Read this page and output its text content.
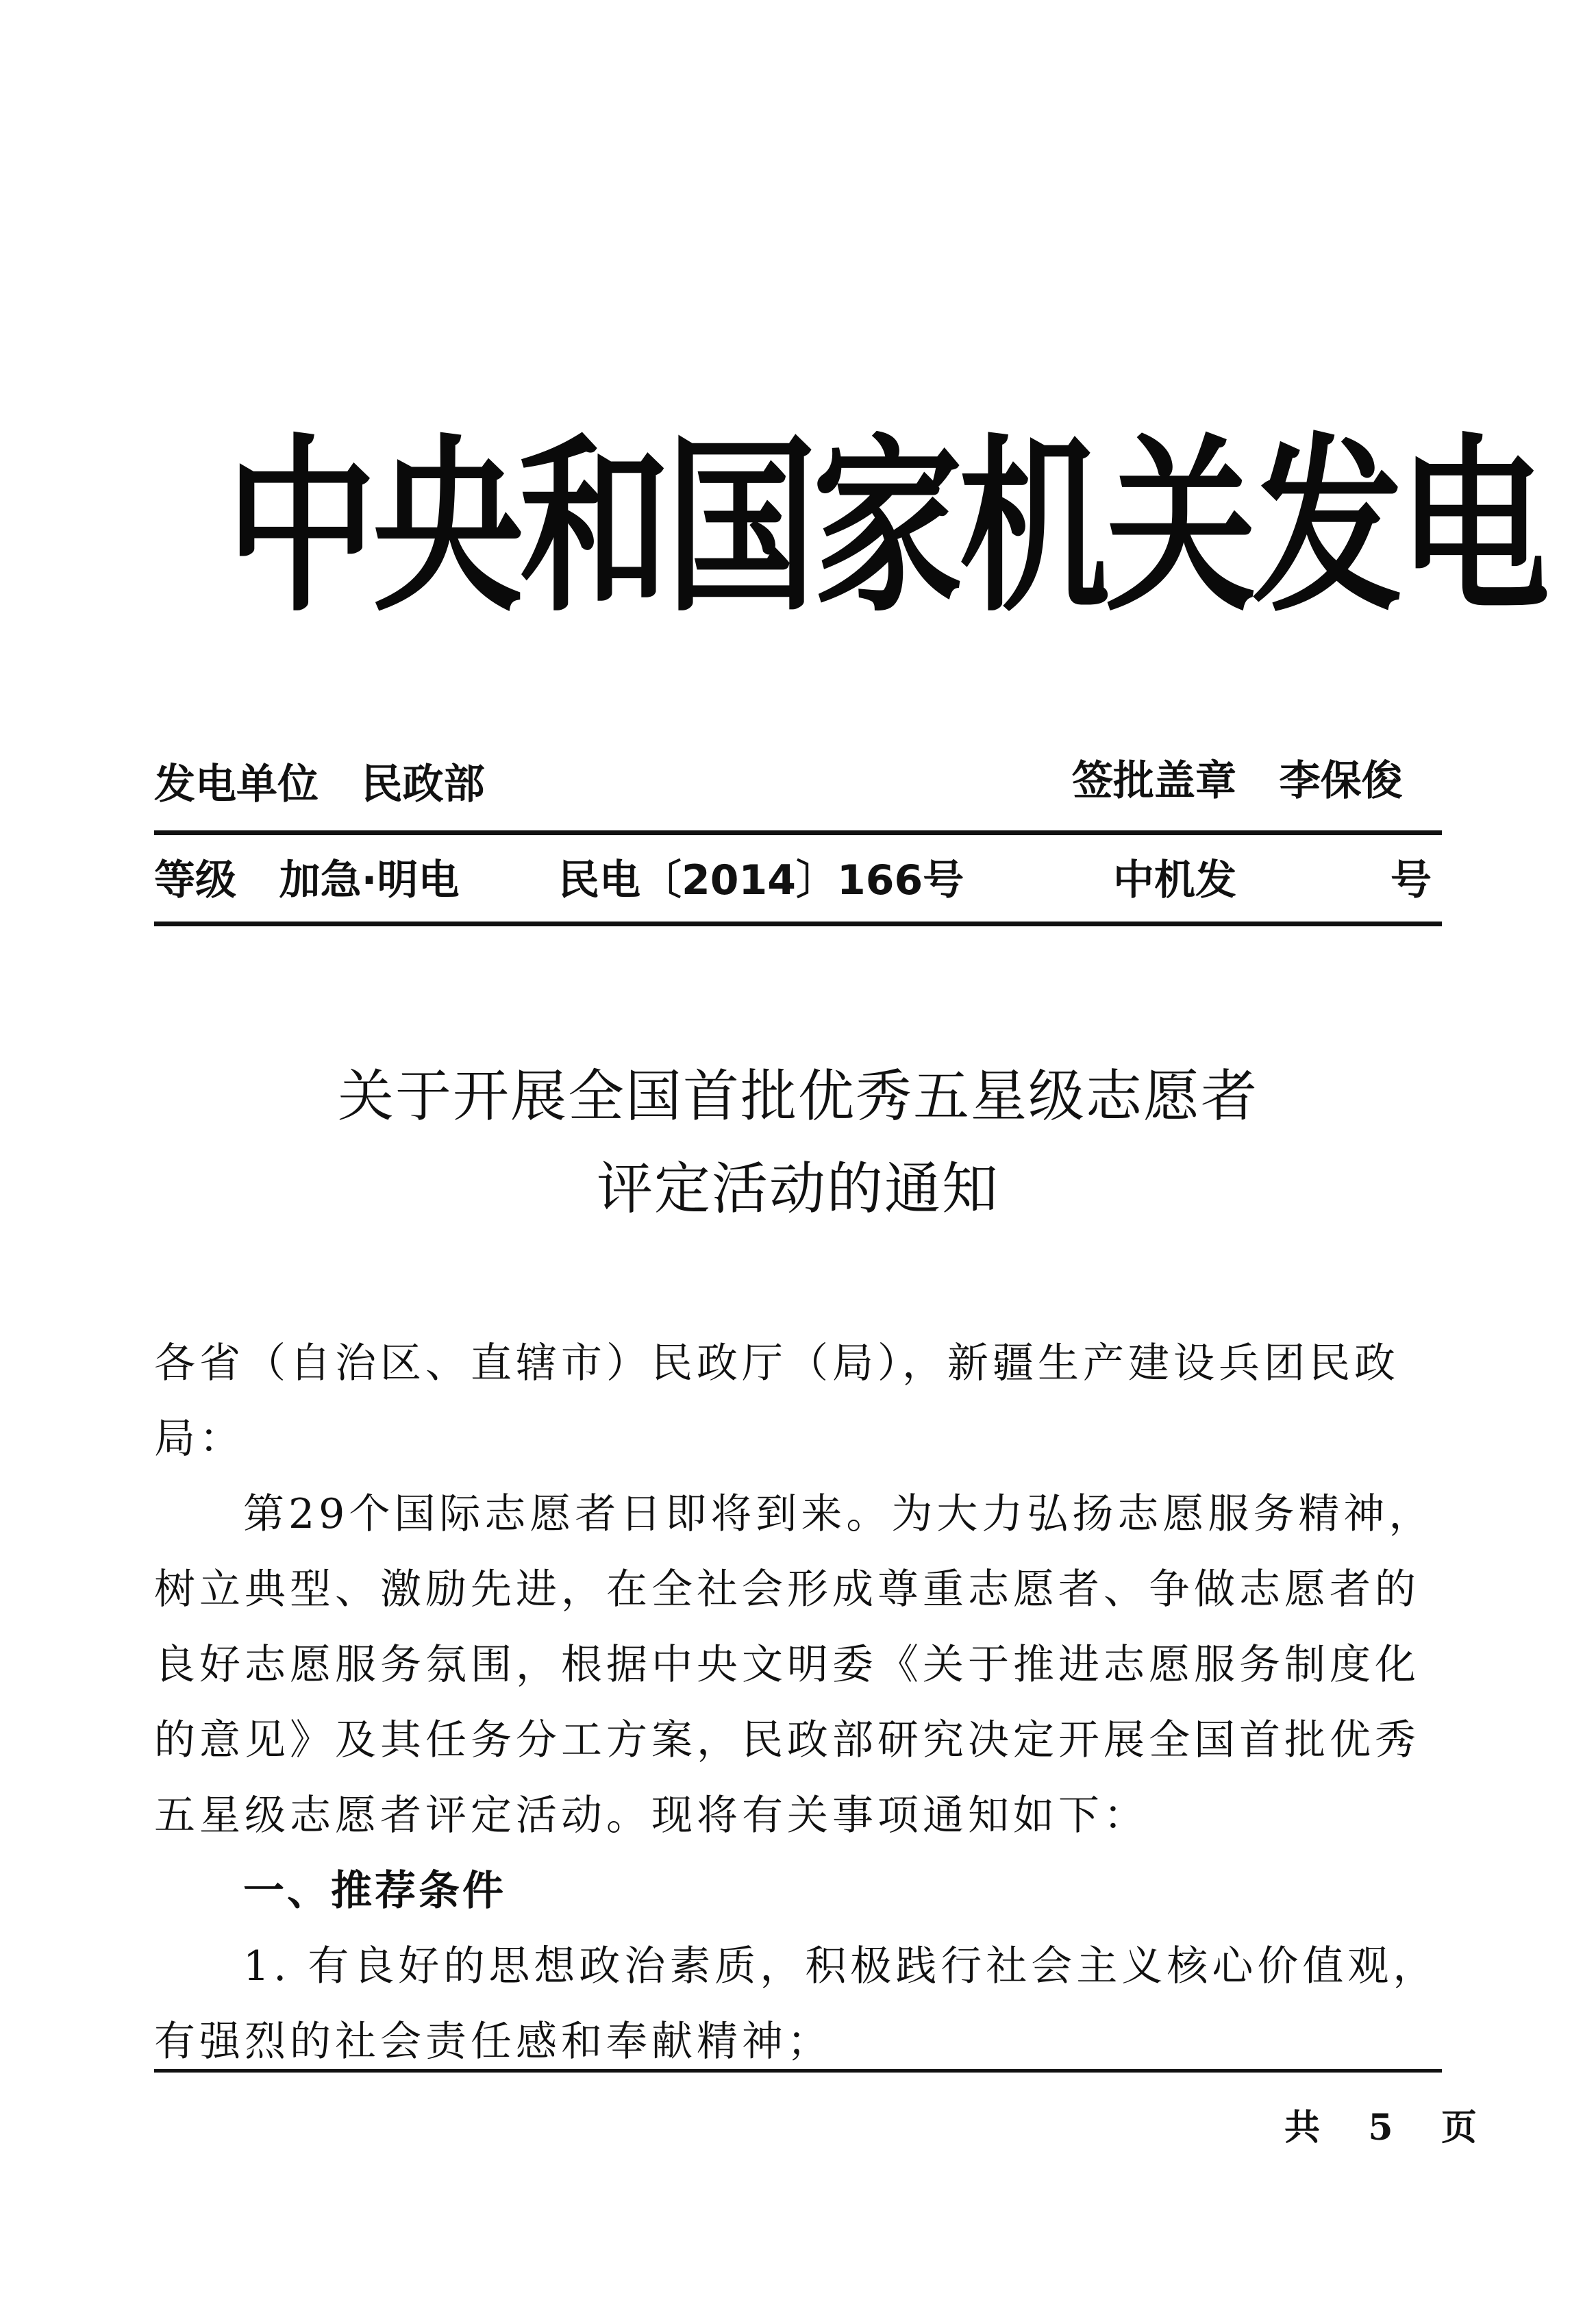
中 央 和 国 家 机 关 发 电
发电单位 民政部	签批盖章 李保俊
等级 加急·明电 民电〔2014〕166号	中机发	号
关于开展全国首批优秀五星级志愿者
评定活动的通知
各省（自治区、直辖市）民政厅（局），新疆生产建设兵团民政
局：
第29个国际志愿者日即将到来。为大力弘扬志愿服务精神，
树立典型、激励先进，在全社会形成尊重志愿者、争做志愿者的
良好志愿服务氛围，根据中央文明委《关于推进志愿服务制度化
的意见》及其任务分工方案，民政部研究决定开展全国首批优秀
五星级志愿者评定活动。现将有关事项通知如下：
一、推荐条件
1. 有良好的思想政治素质，积极践行社会主义核心价值观，
有强烈的社会责任感和奉献精神；
共 5 页
